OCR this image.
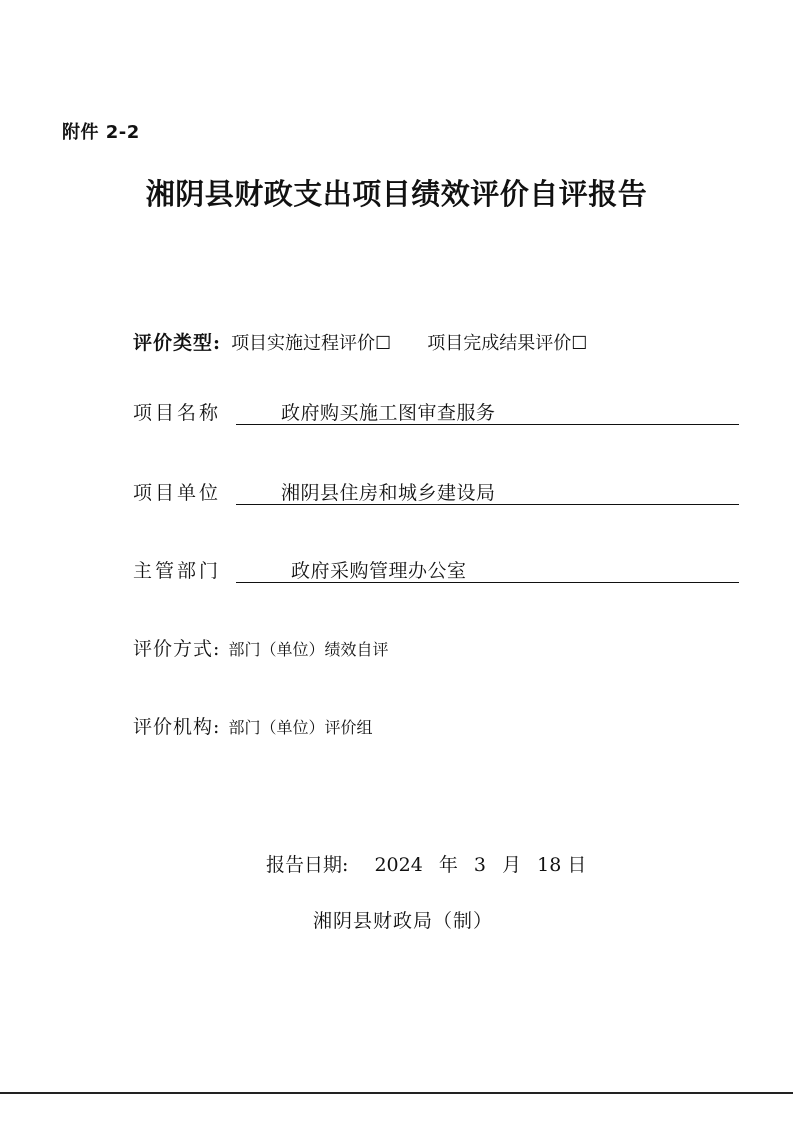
附件 2-2
湘阴县财政支出项目绩效评价自评报告
评价类型: 项目实施过程评价☐ 项目完成结果评价☐
项目名称	政府购买施工图审查服务
项目单位	湘阴县住房和城乡建设局
主管部门	政府采购管理办公室
评价方式: 部门（单位）绩效自评
评价机构: 部门（单位）评价组
报告日期: 2024 年 3 月 18 日
湘阴县财政局（制）
